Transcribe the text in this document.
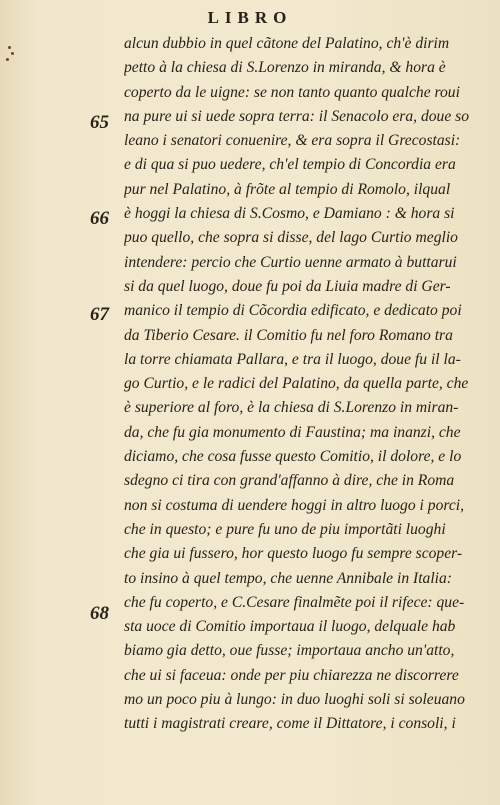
LIBRO
65
66
67
68
alcun dubbio in quel cãtone del Palatino, ch'è dirim
petto à la chiesa di S.Lorenzo in miranda, & hora è
coperto da le uigne: se non tanto quanto qualche roui
na pure ui si uede sopra terra: il Senacolo era, doue so
leano i senatori conuenire, & era sopra il Grecostasi:
e di qua si puo uedere, ch'el tempio di Concordia era
pur nel Palatino, à frõte al tempio di Romolo, ilqual
è hoggi la chiesa di S.Cosmo, e Damiano : & hora si
puo quello, che sopra si disse, del lago Curtio meglio
intendere: percio che Curtio uenne armato à buttarui
si da quel luogo, doue fu poi da Liuia madre di Ger-
manico il tempio di Cõcordia edificato, e dedicato poi
da Tiberio Cesare. il Comitio fu nel foro Romano tra
la torre chiamata Pallara, e tra il luogo, doue fu il la-
go Curtio, e le radici del Palatino, da quella parte, che
è superiore al foro, è la chiesa di S.Lorenzo in miran-
da, che fu gia monumento di Faustina; ma inanzi, che
diciamo, che cosa fusse questo Comitio, il dolore, e lo
sdegno ci tira con grand'affanno à dire, che in Roma
non si costuma di uendere hoggi in altro luogo i porci,
che in questo; e pure fu uno de piu importãti luoghi
che gia ui fussero, hor questo luogo fu sempre scoper-
to insino à quel tempo, che uenne Annibale in Italia:
che fu coperto, e C.Cesare finalmẽte poi il rifece: que-
sta uoce di Comitio importaua il luogo, delquale hab
biamo gia detto, oue fusse; importaua ancho un'atto,
che ui si faceua: onde per piu chiarezza ne discorrere
mo un poco piu à lungo: in duo luoghi soli si soleuano
tutti i magistrati creare, come il Dittatore, i consoli, i
